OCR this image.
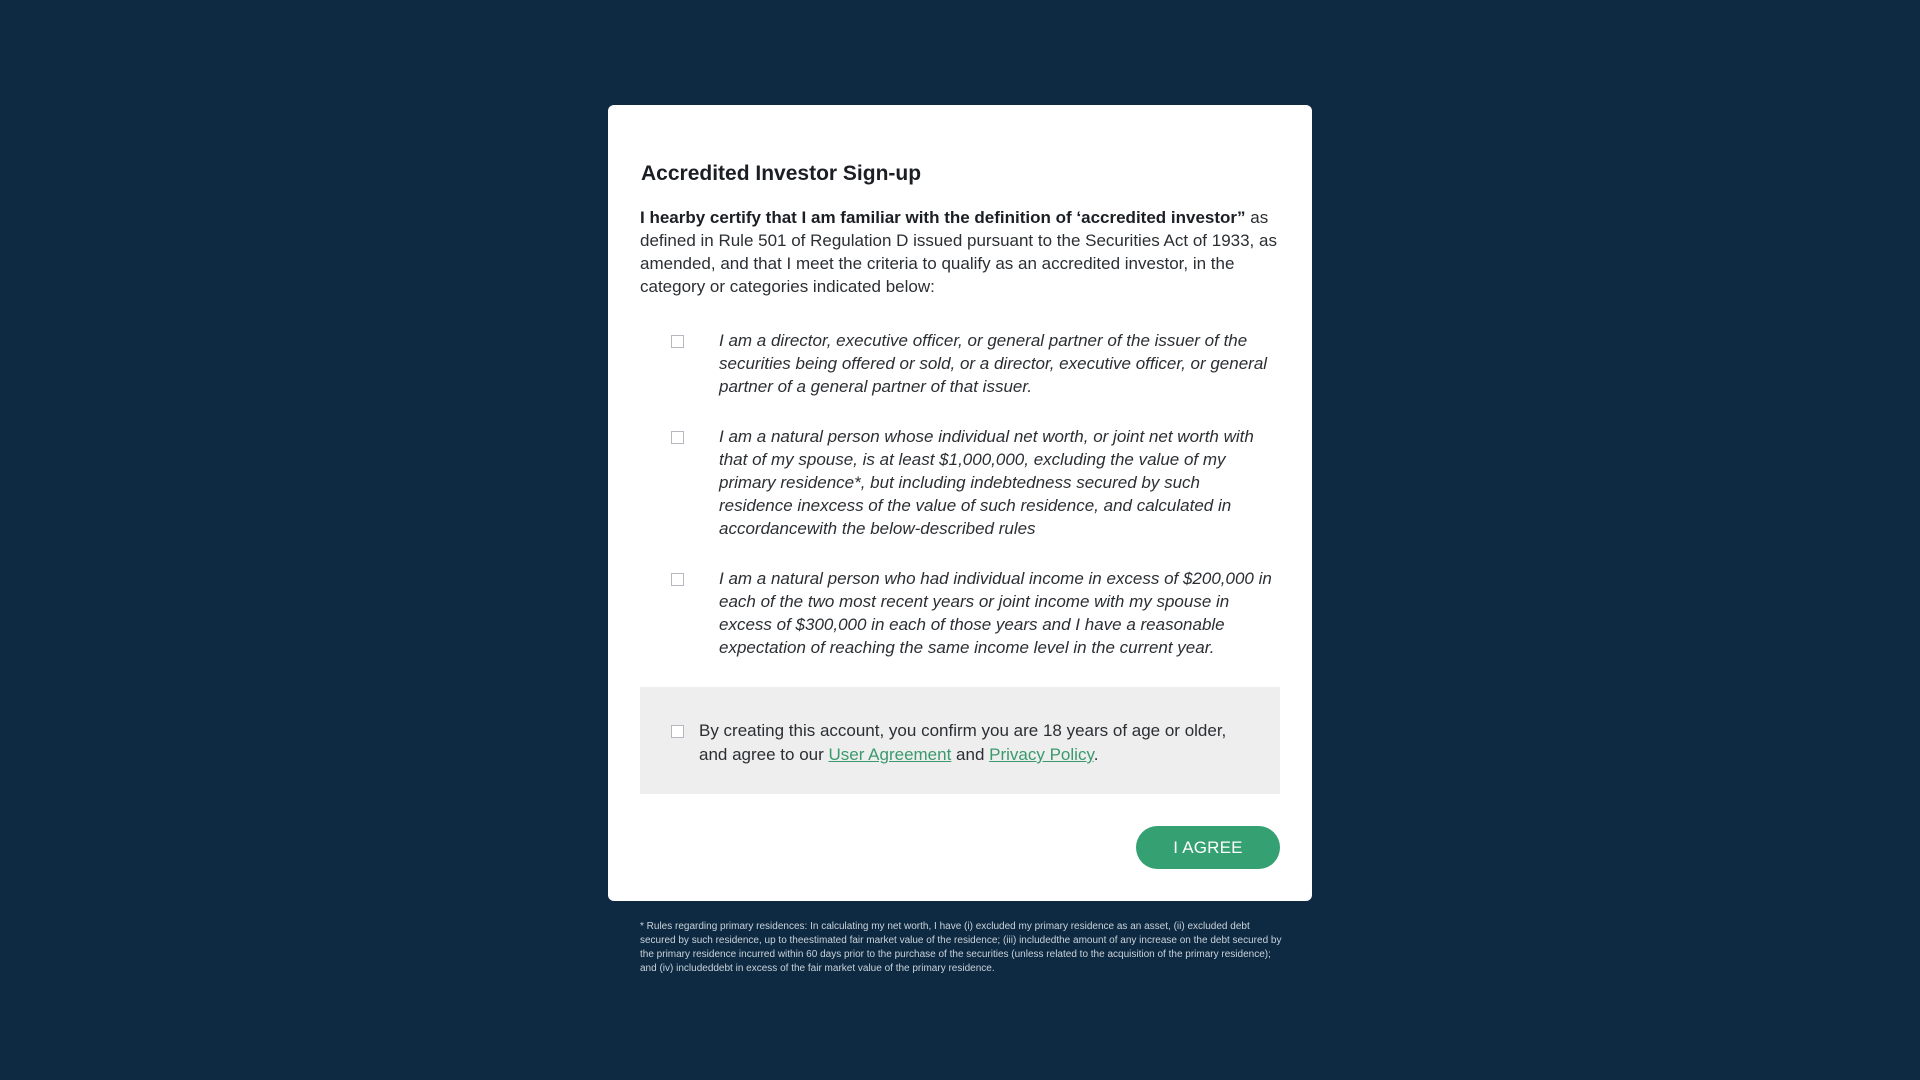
Accredited Investor Sign-up
I hearby certify that I am familiar with the definition of ‘accredited investor” as defined in Rule 501 of Regulation D issued pursuant to the Securities Act of 1933, as amended, and that I meet the criteria to qualify as an accredited investor, in the category or categories indicated below:
I am a director, executive officer, or general partner of the issuer of the securities being offered or sold, or a director, executive officer, or general partner of a general partner of that issuer.
I am a natural person whose individual net worth, or joint net worth with that of my spouse, is at least $1,000,000, excluding the value of my primary residence*, but including indebtedness secured by such residence inexcess of the value of such residence, and calculated in accordancewith the below-described rules
I am a natural person who had individual income in excess of $200,000 in each of the two most recent years or joint income with my spouse in excess of $300,000 in each of those years and I have a reasonable expectation of reaching the same income level in the current year.
By creating this account, you confirm you are 18 years of age or older, and agree to our User Agreement and Privacy Policy.
I AGREE
* Rules regarding primary residences: In calculating my net worth, I have (i) excluded my primary residence as an asset, (ii) excluded debt secured by such residence, up to theestimated fair market value of the residence; (iii) includedthe amount of any increase on the debt secured by the primary residence incurred within 60 days prior to the purchase of the securities (unless related to the acquisition of the primary residence); and (iv) includeddebt in excess of the fair market value of the primary residence.
